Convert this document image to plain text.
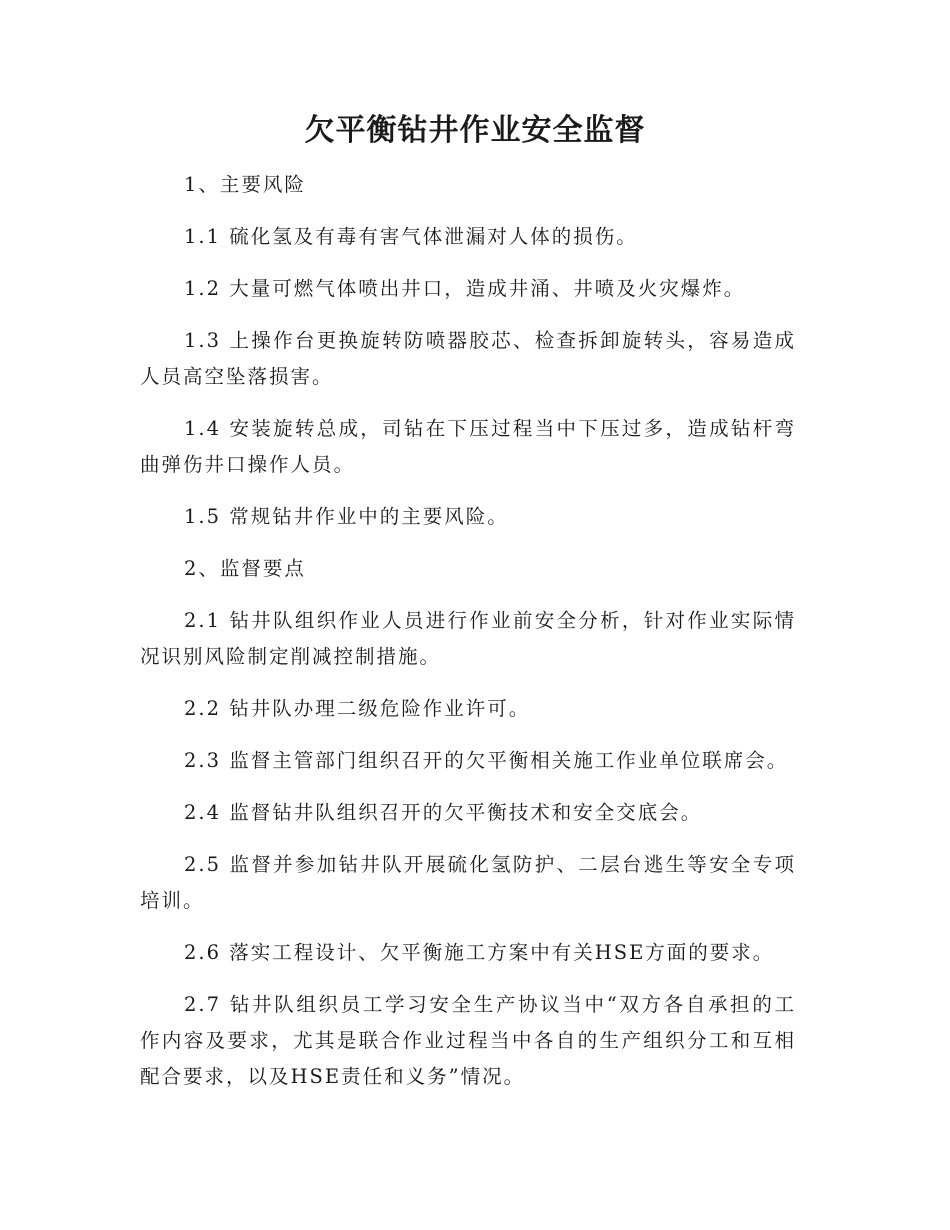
欠平衡钻井作业安全监督

1、主要风险

1.1 硫化氢及有毒有害气体泄漏对人体的损伤。

1.2 大量可燃气体喷出井口，造成井涌、井喷及火灾爆炸。

1.3 上操作台更换旋转防喷器胶芯、检查拆卸旋转头，容易造成人员高空坠落损害。

1.4 安装旋转总成，司钻在下压过程当中下压过多，造成钻杆弯曲弹伤井口操作人员。

1.5 常规钻井作业中的主要风险。

2、监督要点

2.1 钻井队组织作业人员进行作业前安全分析，针对作业实际情况识别风险制定削减控制措施。

2.2 钻井队办理二级危险作业许可。

2.3 监督主管部门组织召开的欠平衡相关施工作业单位联席会。

2.4 监督钻井队组织召开的欠平衡技术和安全交底会。

2.5 监督并参加钻井队开展硫化氢防护、二层台逃生等安全专项培训。

2.6 落实工程设计、欠平衡施工方案中有关HSE方面的要求。

2.7 钻井队组织员工学习安全生产协议当中“双方各自承担的工作内容及要求，尤其是联合作业过程当中各自的生产组织分工和互相配合要求，以及HSE责任和义务”情况。
